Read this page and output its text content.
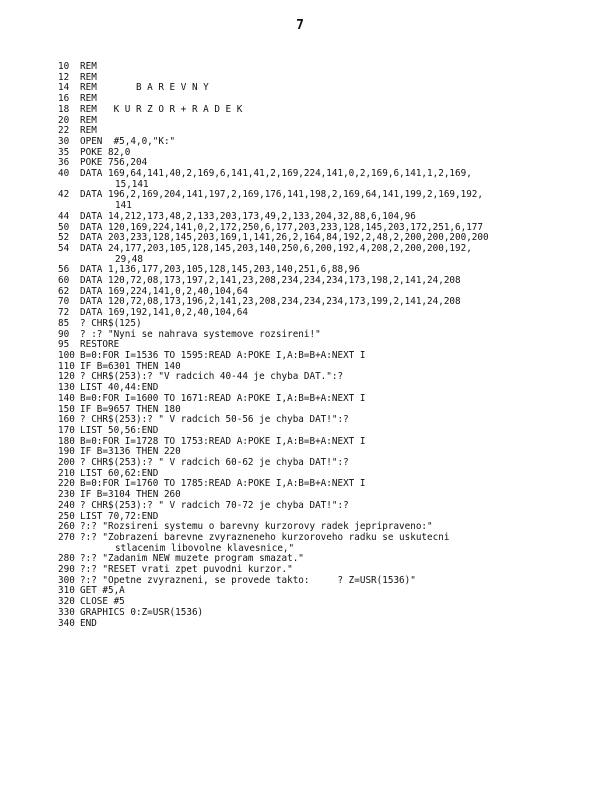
7
10	REM
12	REM
14	REM       B A R E V N Y
16	REM
18	REM   K U R Z O R + R A D E K
20	REM
22	REM
30	OPEN  #5,4,0,"K:"
35	POKE 82,0
36	POKE 756,204
40	DATA 169,64,141,40,2,169,6,141,41,2,169,224,141,0,2,169,6,141,1,2,169,
15,141
42	DATA 196,2,169,204,141,197,2,169,176,141,198,2,169,64,141,199,2,169,192,
141
44	DATA 14,212,173,48,2,133,203,173,49,2,133,204,32,88,6,104,96
50	DATA 120,169,224,141,0,2,172,250,6,177,203,233,128,145,203,172,251,6,177
52	DATA 203,233,128,145,203,169,1,141,26,2,164,84,192,2,48,2,200,200,200,200
54	DATA 24,177,203,105,128,145,203,140,250,6,200,192,4,208,2,200,200,192,
29,48
56	DATA 1,136,177,203,105,128,145,203,140,251,6,88,96
60	DATA 120,72,08,173,197,2,141,23,208,234,234,234,173,198,2,141,24,208
62	DATA 169,224,141,0,2,40,104,64
70	DATA 120,72,08,173,196,2,141,23,208,234,234,234,173,199,2,141,24,208
72	DATA 169,192,141,0,2,40,104,64
85	? CHR$(125)
90	? :? "Nyni se nahrava systemove rozsireni!"
95	RESTORE
100 B=0:FOR I=1536 TO 1595:READ A:POKE I,A:B=B+A:NEXT I
110 IF B=6301 THEN 140
120 ? CHR$(253):? "V radcich 40-44 je chyba DAT.":?
130 LIST 40,44:END
140 B=0:FOR I=1600 TO 1671:READ A:POKE I,A:B=B+A:NEXT I
150 IF B=9657 THEN 180
160 ? CHR$(253):? " V radcich 50-56 je chyba DAT!":?
170 LIST 50,56:END
180 B=0:FOR I=1728 TO 1753:READ A:POKE I,A:B=B+A:NEXT I
190 IF B=3136 THEN 220
200 ? CHR$(253):? " V radcich 60-62 je chyba DAT!":?
210 LIST 60,62:END
220 B=0:FOR I=1760 TO 1785:READ A:POKE I,A:B=B+A:NEXT I
230 IF B=3104 THEN 260
240 ? CHR$(253):? " V radcich 70-72 je chyba DAT!":?
250 LIST 70,72:END
260 ?:? "Rozsireni systemu o barevny kurzorovy radek jepripraveno:"
270 ?:? "Zobrazeni barevne zvyrazneneho kurzoroveho radku se uskutecni
stlacenim libovolne klavesnice,"
280 ?:? "Zadanim NEW muzete program smazat."
290 ?:? "RESET vrati zpet puvodni kurzor."
300 ?:? "Opetne zvyrazneni, se provede takto:     ? Z=USR(1536)"
310 GET #5,A
320 CLOSE #5
330 GRAPHICS 0:Z=USR(1536)
340 END
